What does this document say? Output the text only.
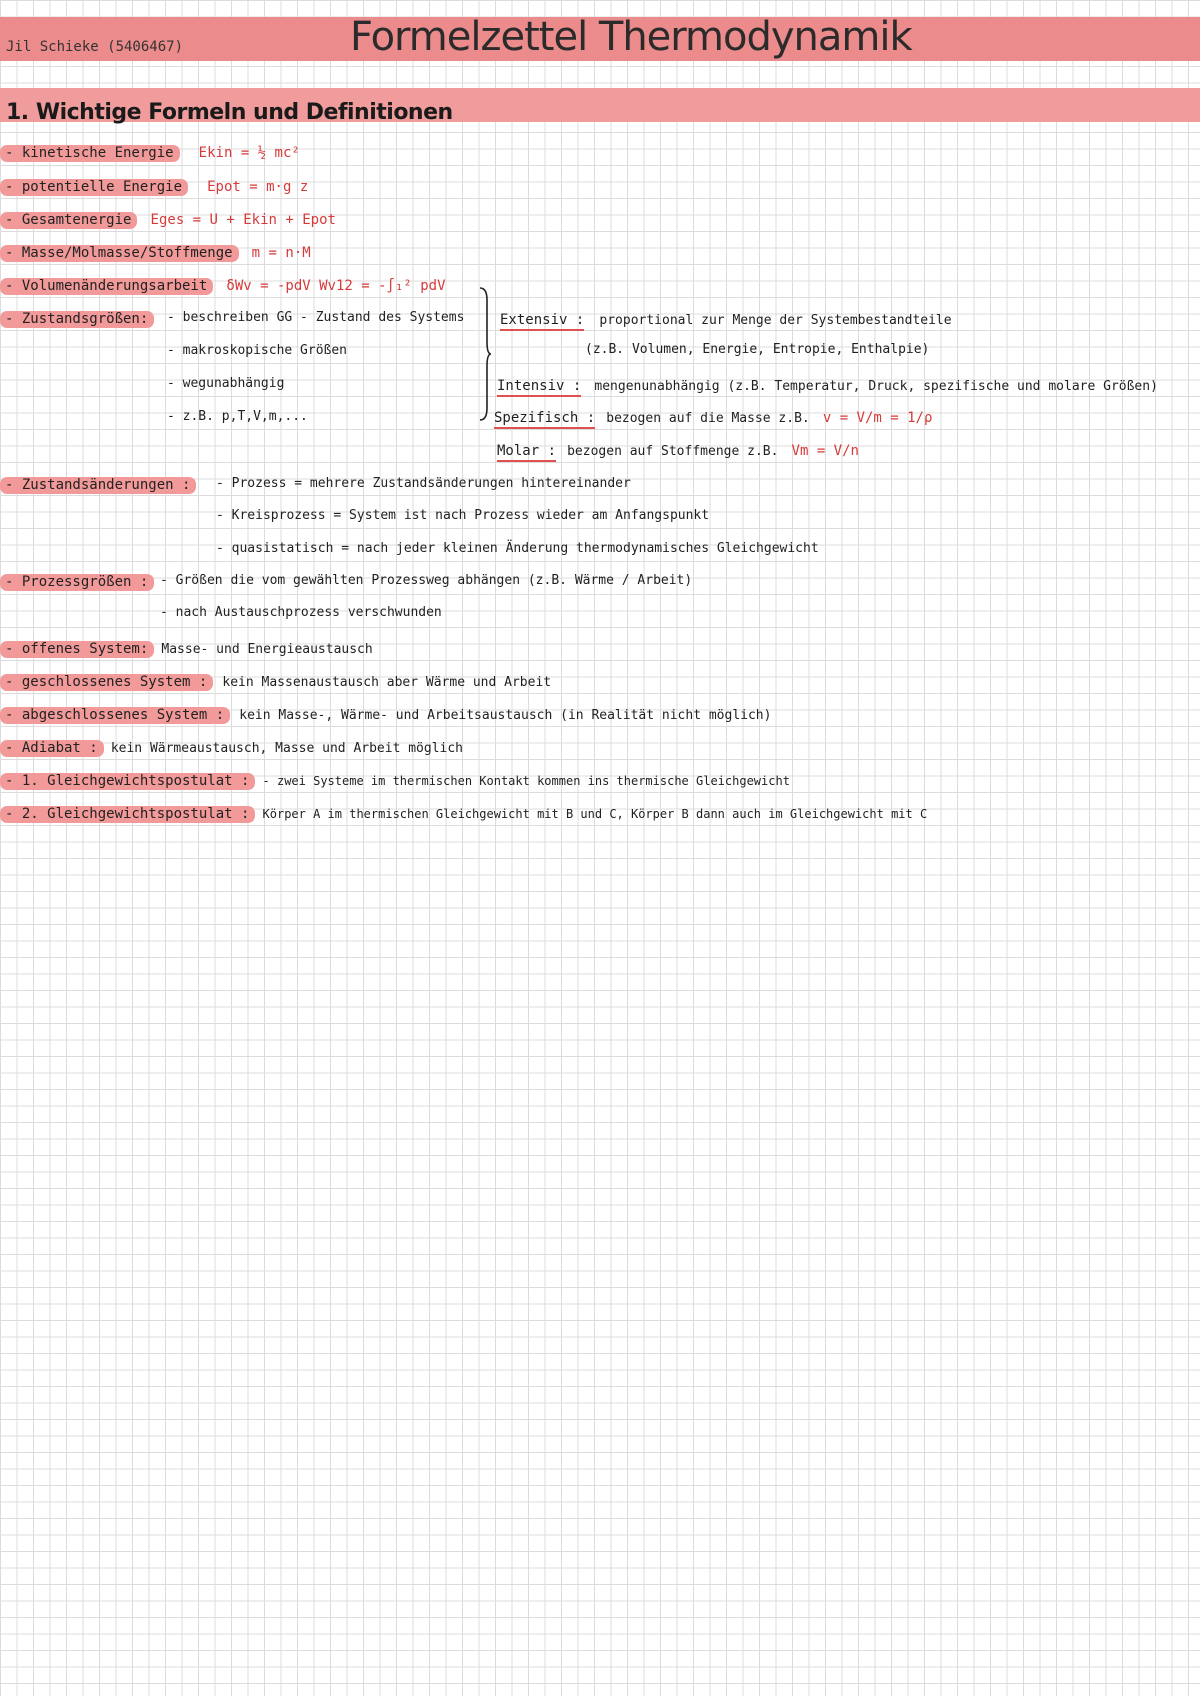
Jil Schieke (5406467)	Formelzettel Thermodynamik
1. Wichtige Formeln und Definitionen
- kinetische Energie Ekin = ½ mc²
- potentielle Energie Epot = m·g z
- Gesamtenergie Eges = U + Ekin + Epot
- Masse/Molmasse/Stoffmenge m = n·M
- Volumenänderungsarbeit δWv = -pdV Wv12 = -∫₁² pdV
- Zustandsgrößen:	- beschreiben GG - Zustand des Systems
- makroskopische Größen
- wegunabhängig
- z.B. p,T,V,m,...
Extensiv : proportional zur Menge der Systembestandteile
(z.B. Volumen, Energie, Entropie, Enthalpie)
Intensiv : mengenunabhängig (z.B. Temperatur, Druck, spezifische und molare Größen)
Spezifisch : bezogen auf die Masse z.B. v = V/m = 1/ρ
Molar : bezogen auf Stoffmenge z.B. Vm = V/n
- Zustandsänderungen :	- Prozess = mehrere Zustandsänderungen hintereinander
- Kreisprozess = System ist nach Prozess wieder am Anfangspunkt
- quasistatisch = nach jeder kleinen Änderung thermodynamisches Gleichgewicht
- Prozessgrößen : - Größen die vom gewählten Prozessweg abhängen (z.B. Wärme / Arbeit)
- nach Austauschprozess verschwunden
- offenes System: Masse- und Energieaustausch
- geschlossenes System : kein Massenaustausch aber Wärme und Arbeit
- abgeschlossenes System : kein Masse-, Wärme- und Arbeitsaustausch (in Realität nicht möglich)
- Adiabat : kein Wärmeaustausch, Masse und Arbeit möglich
- 1. Gleichgewichtspostulat : - zwei Systeme im thermischen Kontakt kommen ins thermische Gleichgewicht
- 2. Gleichgewichtspostulat : Körper A im thermischen Gleichgewicht mit B und C, Körper B dann auch im Gleichgewicht mit C
